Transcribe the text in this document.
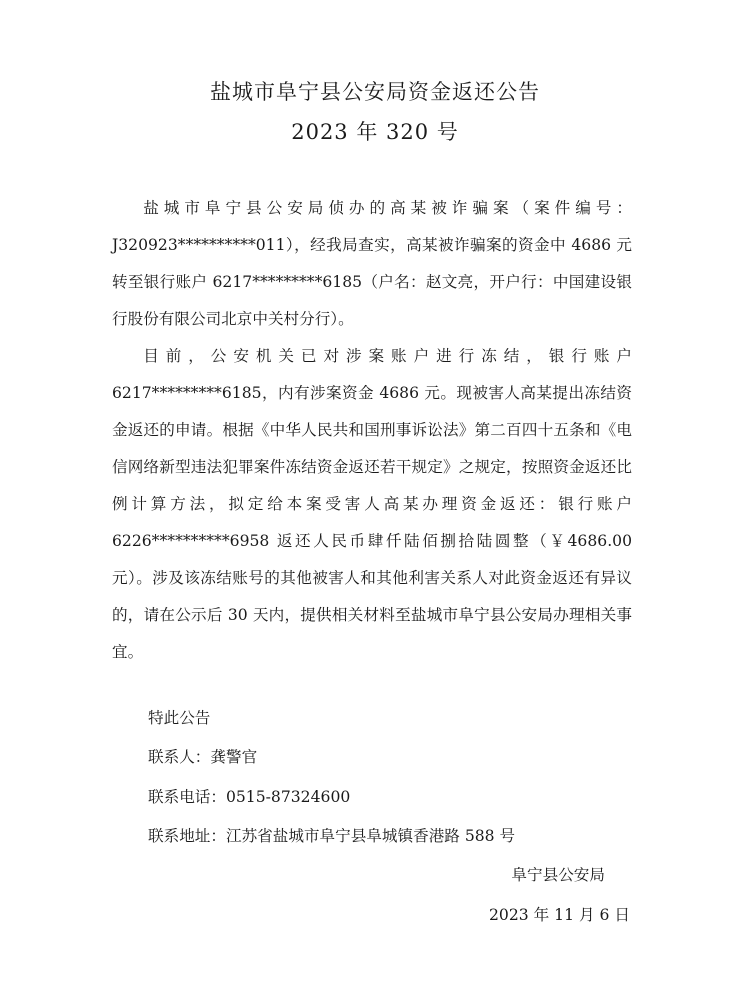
盐城市阜宁县公安局资金返还公告
2023 年 320 号

盐城市阜宁县公安局侦办的高某被诈骗案（案件编号：J320923**********011），经我局查实，高某被诈骗案的资金中 4686 元转至银行账户 6217*********6185（户名：赵文亮，开户行：中国建设银行股份有限公司北京中关村分行）。

目前，公安机关已对涉案账户进行冻结，银行账户 6217*********6185，内有涉案资金 4686 元。现被害人高某提出冻结资金返还的申请。根据《中华人民共和国刑事诉讼法》第二百四十五条和《电信网络新型违法犯罪案件冻结资金返还若干规定》之规定，按照资金返还比例计算方法，拟定给本案受害人高某办理资金返还：银行账户 6226**********6958 返还人民币肆仟陆佰捌拾陆圆整（￥4686.00 元）。涉及该冻结账号的其他被害人和其他利害关系人对此资金返还有异议的，请在公示后 30 天内，提供相关材料至盐城市阜宁县公安局办理相关事宜。

特此公告
联系人：龚警官
联系电话：0515-87324600
联系地址：江苏省盐城市阜宁县阜城镇香港路 588 号
阜宁县公安局
2023 年 11 月 6 日
